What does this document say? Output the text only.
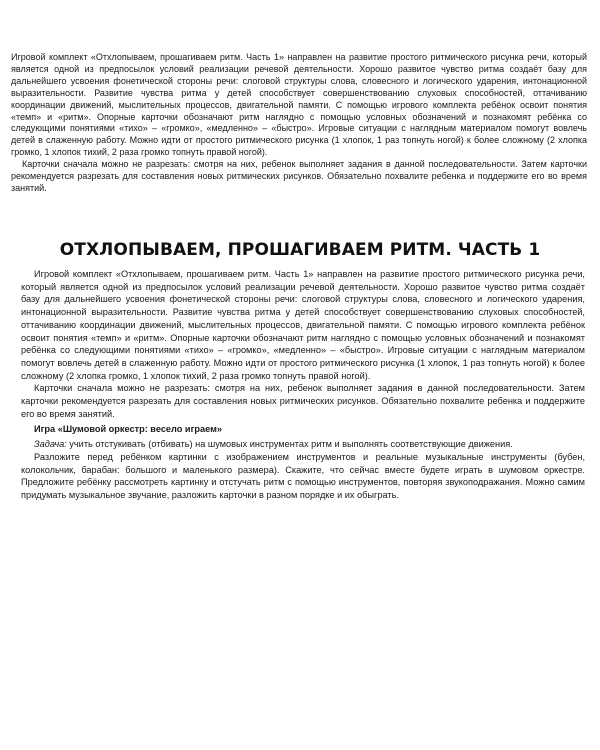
Игровой комплект «Отхлопываем, прошагиваем ритм. Часть 1» направлен на развитие простого ритмического рисунка речи, который является одной из предпосылок условий реализации речевой деятельности. Хорошо развитое чувство ритма создаёт базу для дальнейшего усвоения фонетической стороны речи: слоговой структуры слова, словесного и логического ударения, интонационной выразительности. Развитие чувства ритма у детей способствует совершенствованию слуховых способностей, оттачиванию координации движений, мыслительных процессов, двигательной памяти. С помощью игрового комплекта ребёнок освоит понятия «темп» и «ритм». Опорные карточки обозначают ритм наглядно с помощью условных обозначений и познакомят ребёнка со следующими понятиями «тихо» – «громко», «медленно» – «быстро». Игровые ситуации с наглядным материалом помогут вовлечь детей в слаженную работу. Можно идти от простого ритмического рисунка (1 хлопок, 1 раз топнуть ногой) к более сложному (2 хлопка громко, 1 хлопок тихий, 2 раза громко топнуть правой ногой).

Карточки сначала можно не разрезать: смотря на них, ребенок выполняет задания в данной последовательности. Затем карточки рекомендуется разрезать для составления новых ритмических рисунков. Обязательно похвалите ребенка и поддержите его во время занятий.

ОТХЛОПЫВАЕМ, ПРОШАГИВАЕМ РИТМ. ЧАСТЬ 1

Игровой комплект «Отхлопываем, прошагиваем ритм. Часть 1» направлен на развитие простого ритмического рисунка речи, который является одной из предпосылок условий реализации речевой деятельности. Хорошо развитое чувство ритма создаёт базу для дальнейшего усвоения фонетической стороны речи: слоговой структуры слова, словесного и логического ударения, интонационной выразительности. Развитие чувства ритма у детей способствует совершенствованию слуховых способностей, оттачиванию координации движений, мыслительных процессов, двигательной памяти. С помощью игрового комплекта ребёнок освоит понятия «темп» и «ритм». Опорные карточки обозначают ритм наглядно с помощью условных обозначений и познакомят ребёнка со следующими понятиями «тихо» – «громко», «медленно» – «быстро». Игровые ситуации с наглядным материалом помогут вовлечь детей в слаженную работу. Можно идти от простого ритмического рисунка (1 хлопок, 1 раз топнуть ногой) к более сложному (2 хлопка громко, 1 хлопок тихий, 2 раза громко топнуть правой ногой).

Карточки сначала можно не разрезать: смотря на них, ребенок выполняет задания в данной последовательности. Затем карточки рекомендуется разрезать для составления новых ритмических рисунков. Обязательно похвалите ребенка и поддержите его во время занятий.

Игра «Шумовой оркестр: весело играем»

Задача: учить отстукивать (отбивать) на шумовых инструментах ритм и выполнять соответствующие движения.

Разложите перед ребёнком картинки с изображением инструментов и реальные музыкальные инструменты (бубен, колокольчик, барабан: большого и маленького размера). Скажите, что сейчас вместе будете играть в шумовом оркестре. Предложите ребёнку рассмотреть картинку и отстучать ритм с помощью инструментов, повторяя звукоподражания. Можно самим придумать музыкальное звучание, разложить карточки в разном порядке и их обыграть.
